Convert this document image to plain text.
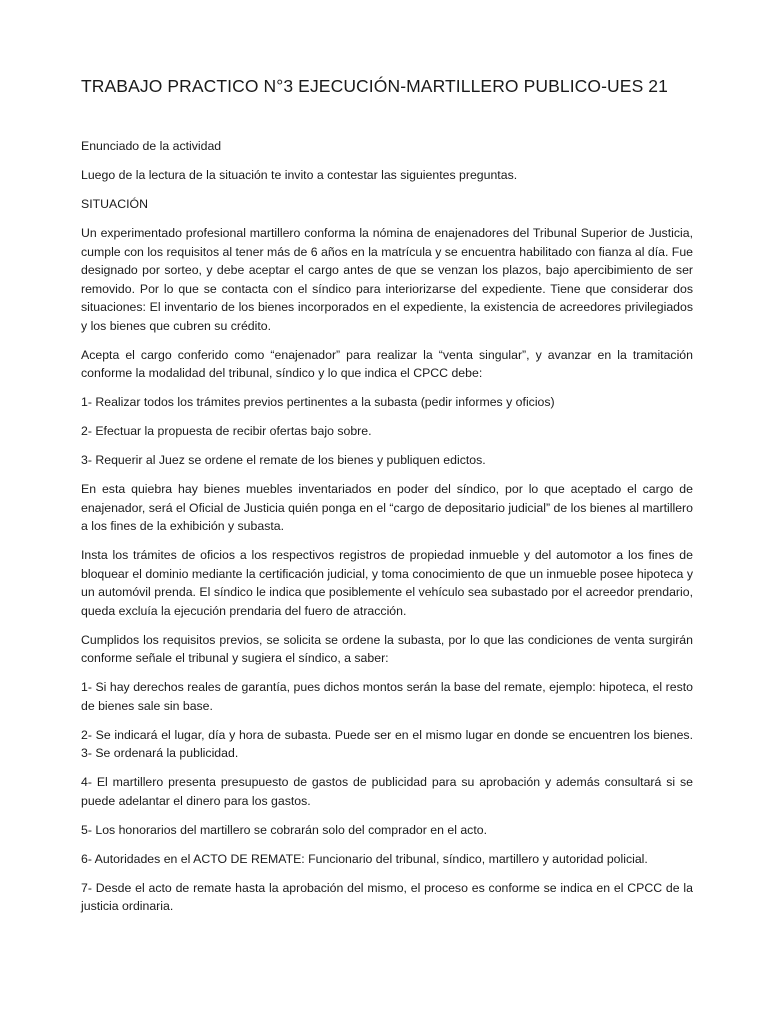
TRABAJO PRACTICO N°3 EJECUCIÓN-MARTILLERO PUBLICO-UES 21

Enunciado de la actividad

Luego de la lectura de la situación te invito a contestar las siguientes preguntas.

SITUACIÓN

Un experimentado profesional martillero conforma la nómina de enajenadores del Tribunal Superior de Justicia, cumple con los requisitos al tener más de 6 años en la matrícula y se encuentra habilitado con fianza al día. Fue designado por sorteo, y debe aceptar el cargo antes de que se venzan los plazos, bajo apercibimiento de ser removido. Por lo que se contacta con el síndico para interiorizarse del expediente. Tiene que considerar dos situaciones: El inventario de los bienes incorporados en el expediente, la existencia de acreedores privilegiados y los bienes que cubren su crédito.

Acepta el cargo conferido como “enajenador” para realizar la “venta singular”, y avanzar en la tramitación conforme la modalidad del tribunal, síndico y lo que indica el CPCC debe:

1- Realizar todos los trámites previos pertinentes a la subasta (pedir informes y oficios)

2- Efectuar la propuesta de recibir ofertas bajo sobre.

3- Requerir al Juez se ordene el remate de los bienes y publiquen edictos.

En esta quiebra hay bienes muebles inventariados en poder del síndico, por lo que aceptado el cargo de enajenador, será el Oficial de Justicia quién ponga en el “cargo de depositario judicial” de los bienes al martillero a los fines de la exhibición y subasta.

Insta los trámites de oficios a los respectivos registros de propiedad inmueble y del automotor a los fines de bloquear el dominio mediante la certificación judicial, y toma conocimiento de que un inmueble posee hipoteca y un automóvil prenda. El síndico le indica que posiblemente el vehículo sea subastado por el acreedor prendario, queda excluía la ejecución prendaria del fuero de atracción.

Cumplidos los requisitos previos, se solicita se ordene la subasta, por lo que las condiciones de venta surgirán conforme señale el tribunal y sugiera el síndico, a saber:

1- Si hay derechos reales de garantía, pues dichos montos serán la base del remate, ejemplo: hipoteca, el resto de bienes sale sin base.

2- Se indicará el lugar, día y hora de subasta. Puede ser en el mismo lugar en donde se encuentren los bienes. 3- Se ordenará la publicidad.

4- El martillero presenta presupuesto de gastos de publicidad para su aprobación y además consultará si se puede adelantar el dinero para los gastos.

5- Los honorarios del martillero se cobrarán solo del comprador en el acto.

6- Autoridades en el ACTO DE REMATE: Funcionario del tribunal, síndico, martillero y autoridad policial.

7- Desde el acto de remate hasta la aprobación del mismo, el proceso es conforme se indica en el CPCC de la justicia ordinaria.
